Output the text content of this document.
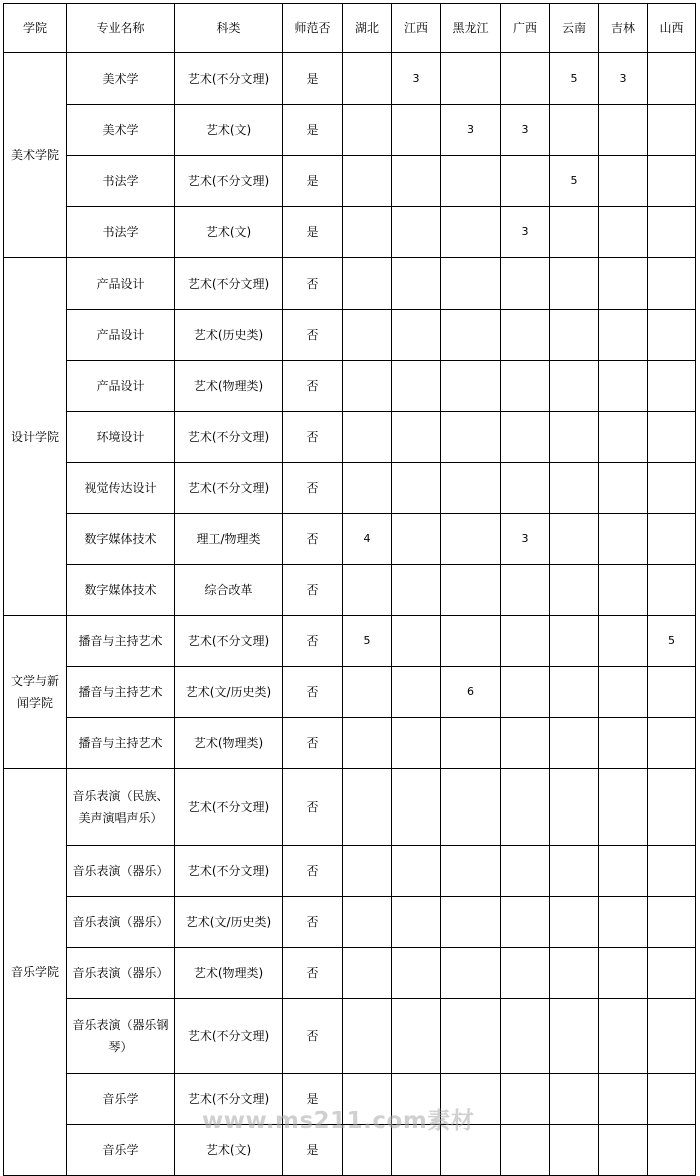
学院	专业名称	科类	师范否	湖北	江西	黑龙江	广西	云南	吉林	山西
美术学院	美术学	艺术(不分文理)	是		3			5	3	
	美术学	艺术(文)	是			3	3			
	书法学	艺术(不分文理)	是					5		
	书法学	艺术(文)	是				3			
设计学院	产品设计	艺术(不分文理)	否							
	产品设计	艺术(历史类)	否							
	产品设计	艺术(物理类)	否							
	环境设计	艺术(不分文理)	否							
	视觉传达设计	艺术(不分文理)	否							
	数字媒体技术	理工/物理类	否	4			3			
	数字媒体技术	综合改革	否							
文学与新闻学院	播音与主持艺术	艺术(不分文理)	否	5						5
	播音与主持艺术	艺术(文/历史类)	否			6				
	播音与主持艺术	艺术(物理类)	否							
音乐学院	音乐表演（民族、美声演唱声乐）	艺术(不分文理)	否							
	音乐表演（器乐）	艺术(不分文理)	否							
	音乐表演（器乐）	艺术(文/历史类)	否							
	音乐表演（器乐）	艺术(物理类)	否							
	音乐表演（器乐钢琴）	艺术(不分文理)	否							
	音乐学	艺术(不分文理)	是							
	音乐学	艺术(文)	是							
www.ms211.com素材
